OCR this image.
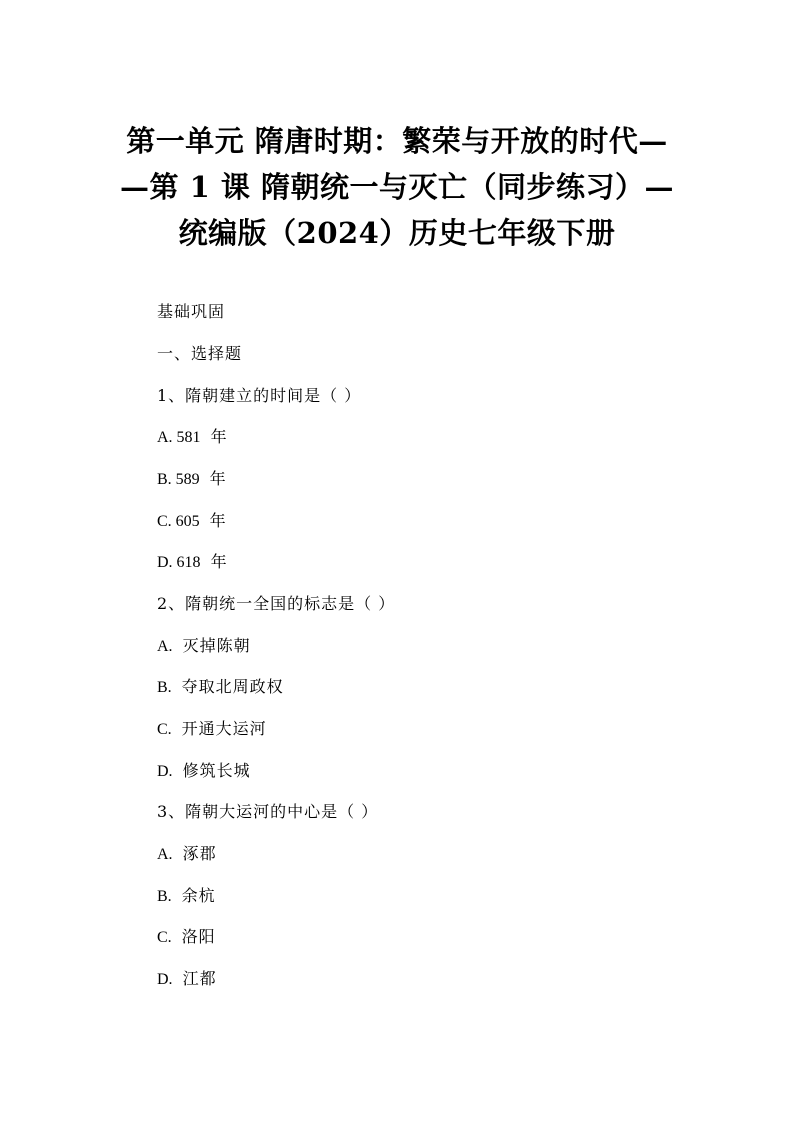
第一单元 隋唐时期：繁荣与开放的时代—
—第 1 课 隋朝统一与灭亡（同步练习）—
统编版（2024）历史七年级下册
基础巩固
一、选择题
1、隋朝建立的时间是（ ）
A. 581 年
B. 589 年
C. 605 年
D. 618 年
2、隋朝统一全国的标志是（ ）
A. 灭掉陈朝
B. 夺取北周政权
C. 开通大运河
D. 修筑长城
3、隋朝大运河的中心是（ ）
A. 涿郡
B. 余杭
C. 洛阳
D. 江都
